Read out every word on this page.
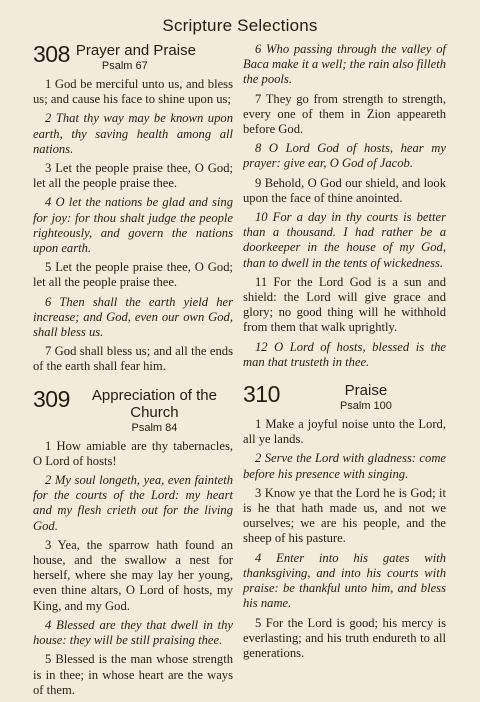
Scripture Selections
308 Prayer and Praise
Psalm 67

1 God be merciful unto us, and bless us; and cause his face to shine upon us;

2 That thy way may be known upon earth, thy saving health among all nations.

3 Let the people praise thee, O God; let all the people praise thee.

4 O let the nations be glad and sing for joy: for thou shalt judge the people righteously, and govern the nations upon earth.

5 Let the people praise thee, O God; let all the people praise thee.

6 Then shall the earth yield her increase; and God, even our own God, shall bless us.

7 God shall bless us; and all the ends of the earth shall fear him.

309	Appreciation of the Church
Psalm 84

1 How amiable are thy tabernacles, O Lord of hosts!

2 My soul longeth, yea, even fainteth for the courts of the Lord: my heart and my flesh crieth out for the living God.

3 Yea, the sparrow hath found an house, and the swallow a nest for herself, where she may lay her young, even thine altars, O Lord of hosts, my King, and my God.

4 Blessed are they that dwell in thy house: they will be still praising thee.

5 Blessed is the man whose strength is in thee; in whose heart are the ways of them.

6 Who passing through the valley of Baca make it a well; the rain also filleth the pools.

7 They go from strength to strength, every one of them in Zion appeareth before God.

8 O Lord God of hosts, hear my prayer: give ear, O God of Jacob.

9 Behold, O God our shield, and look upon the face of thine anointed.

10 For a day in thy courts is better than a thousand. I had rather be a doorkeeper in the house of my God, than to dwell in the tents of wickedness.

11 For the Lord God is a sun and shield: the Lord will give grace and glory; no good thing will he withhold from them that walk uprightly.

12 O Lord of hosts, blessed is the man that trusteth in thee.

310	Praise
Psalm 100

1 Make a joyful noise unto the Lord, all ye lands.

2 Serve the Lord with gladness: come before his presence with singing.

3 Know ye that the Lord he is God; it is he that hath made us, and not we ourselves; we are his people, and the sheep of his pasture.

4 Enter into his gates with thanksgiving, and into his courts with praise: be thankful unto him, and bless his name.

5 For the Lord is good; his mercy is everlasting; and his truth endureth to all generations.
